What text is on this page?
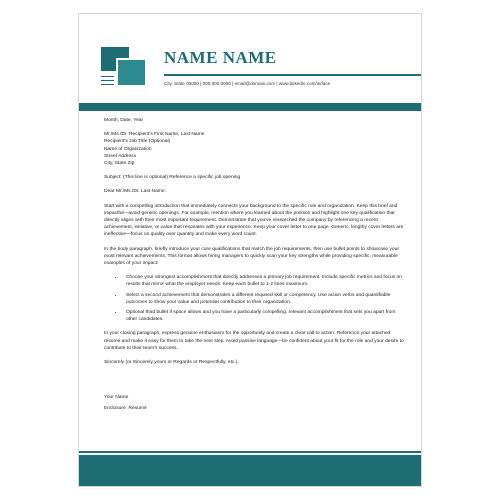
NAME NAME
City, State 00000 | 000.000.0000 | email@domain.com | www.linkedin.com/in/face

Month, Date, Year

Mr./Ms./Dr. Recipient's First Name, Last Name

Recipient's Job Title (Optional)

Name of Organization

Street Address

City, State Zip

Subject: (This line is optional) Reference a specific job opening

Dear Mr./Ms./Dr. Last Name:

Start with a compelling introduction that immediately connects your background to the specific role and organization. Keep this brief and impactful—avoid generic openings. For example, mention where you learned about the position and highlight one key qualification that directly aligns with their most important requirement. Demonstrate that you've researched the company by referencing a recent achievement, initiative, or value that resonates with your experience. Keep your cover letter to one page. Generic, lengthy cover letters are ineffective—focus on quality over quantity and make every word count.

In the body paragraph, briefly introduce your core qualifications that match the job requirements, then use bullet points to showcase your most relevant achievements. This format allows hiring managers to quickly scan your key strengths while providing specific, measurable examples of your impact:

• Choose your strongest accomplishment that directly addresses a primary job requirement. Include specific metrics and focus on results that mirror what the employer needs. Keep each bullet to 1-2 lines maximum.
• Select a second achievement that demonstrates a different required skill or competency. Use action verbs and quantifiable outcomes to show your value and potential contribution to their organization.
• Optional third bullet if space allows and you have a particularly compelling, relevant accomplishment that sets you apart from other candidates.

In your closing paragraph, express genuine enthusiasm for the opportunity and create a clear call to action. Reference your attached résumé and make it easy for them to take the next step. Avoid passive language—be confident about your fit for the role and your desire to contribute to their team's success.

Sincerely (or Sincerely yours or Regards or Respectfully, etc.),

Your Name

Enclosure: Résumé
